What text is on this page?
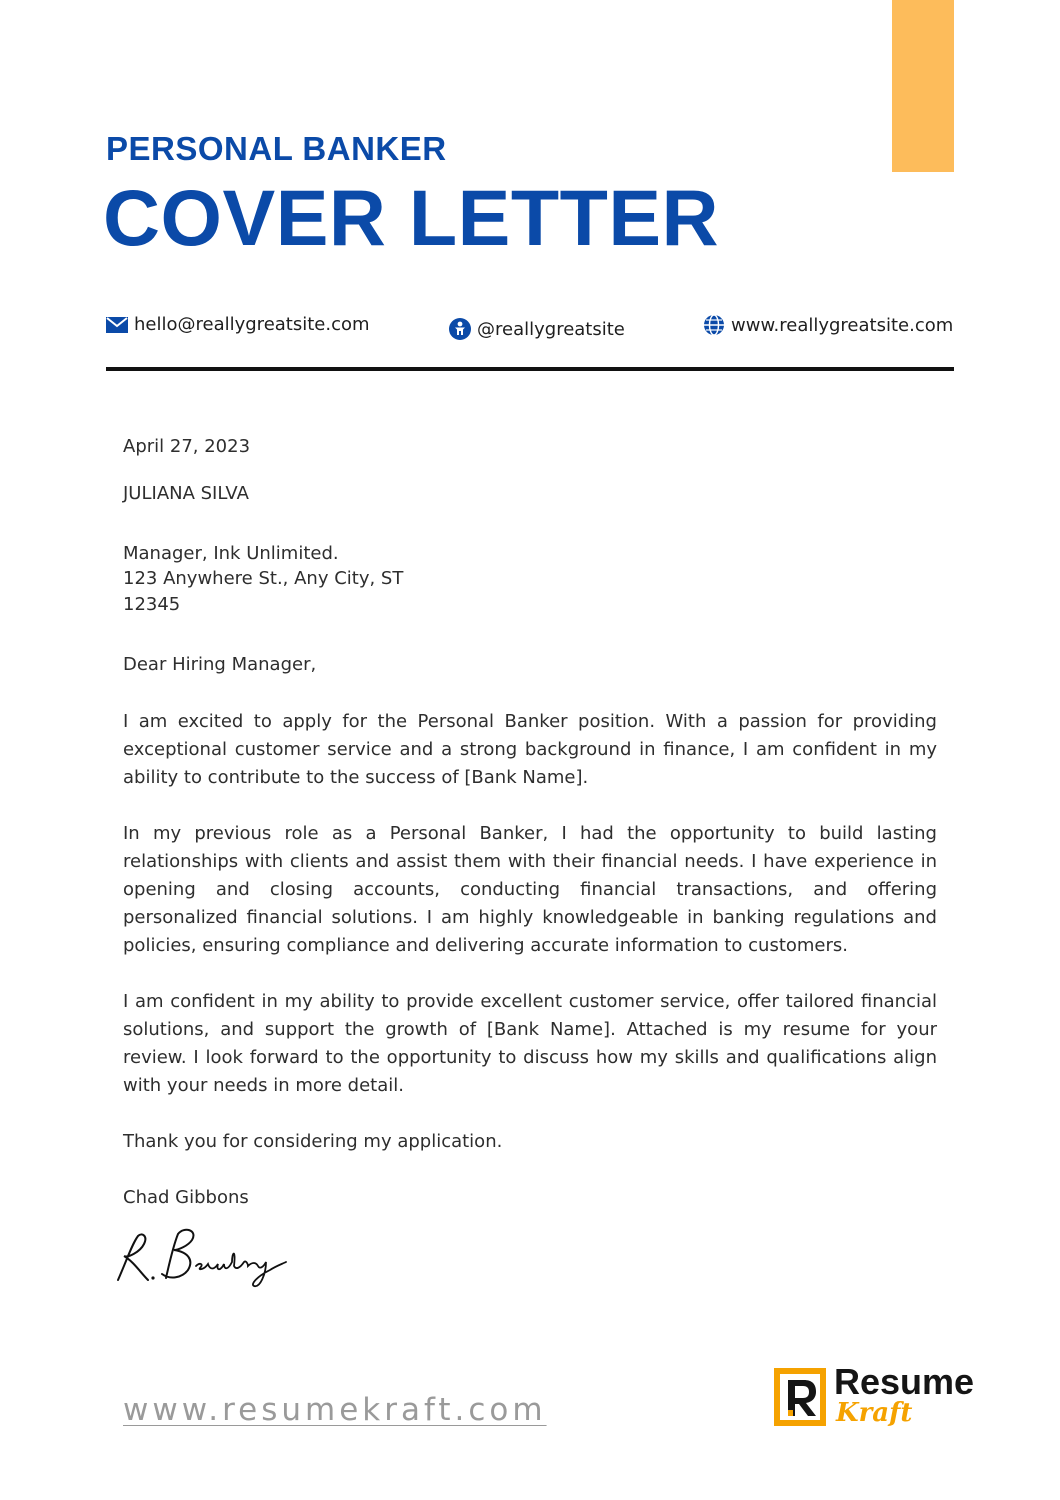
PERSONAL BANKER
COVER LETTER
hello@reallygreatsite.com	@reallygreatsite	www.reallygreatsite.com
April 27, 2023
JULIANA SILVA
Manager, Ink Unlimited.
123 Anywhere St., Any City, ST
12345
Dear Hiring Manager,

I am excited to apply for the Personal Banker position. With a passion for providing exceptional customer service and a strong background in finance, I am confident in my ability to contribute to the success of [Bank Name].

In my previous role as a Personal Banker, I had the opportunity to build lasting relationships with clients and assist them with their financial needs. I have experience in opening and closing accounts, conducting financial transactions, and offering personalized financial solutions. I am highly knowledgeable in banking regulations and policies, ensuring compliance and delivering accurate information to customers.

I am confident in my ability to provide excellent customer service, offer tailored financial solutions, and support the growth of [Bank Name]. Attached is my resume for your review. I look forward to the opportunity to discuss how my skills and qualifications align with your needs in more detail.

Thank you for considering my application.
Chad Gibbons
www.resumekraft.com
Resume
Kraft
